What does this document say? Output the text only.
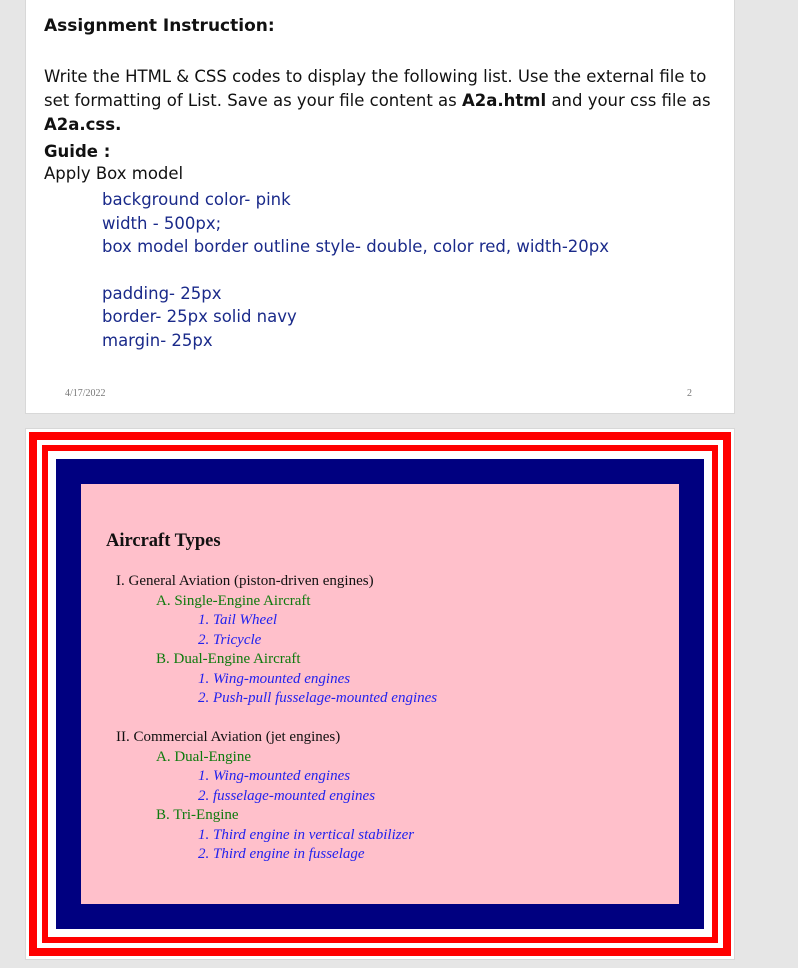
Assignment Instruction:
Write the HTML & CSS codes to display the following list. Use the external file to set formatting of List. Save as your file content as A2a.html and your css file as A2a.css.
Guide :
Apply Box model
background color- pink
width - 500px;
box model border outline style- double, color red, width-20px
padding- 25px
border- 25px solid navy
margin- 25px
4/17/2022	2
Aircraft Types
I. General Aviation (piston-driven engines)
A. Single-Engine Aircraft
1. Tail Wheel
2. Tricycle
B. Dual-Engine Aircraft
1. Wing-mounted engines
2. Push-pull fusselage-mounted engines
II. Commercial Aviation (jet engines)
A. Dual-Engine
1. Wing-mounted engines
2. fusselage-mounted engines
B. Tri-Engine
1. Third engine in vertical stabilizer
2. Third engine in fusselage
